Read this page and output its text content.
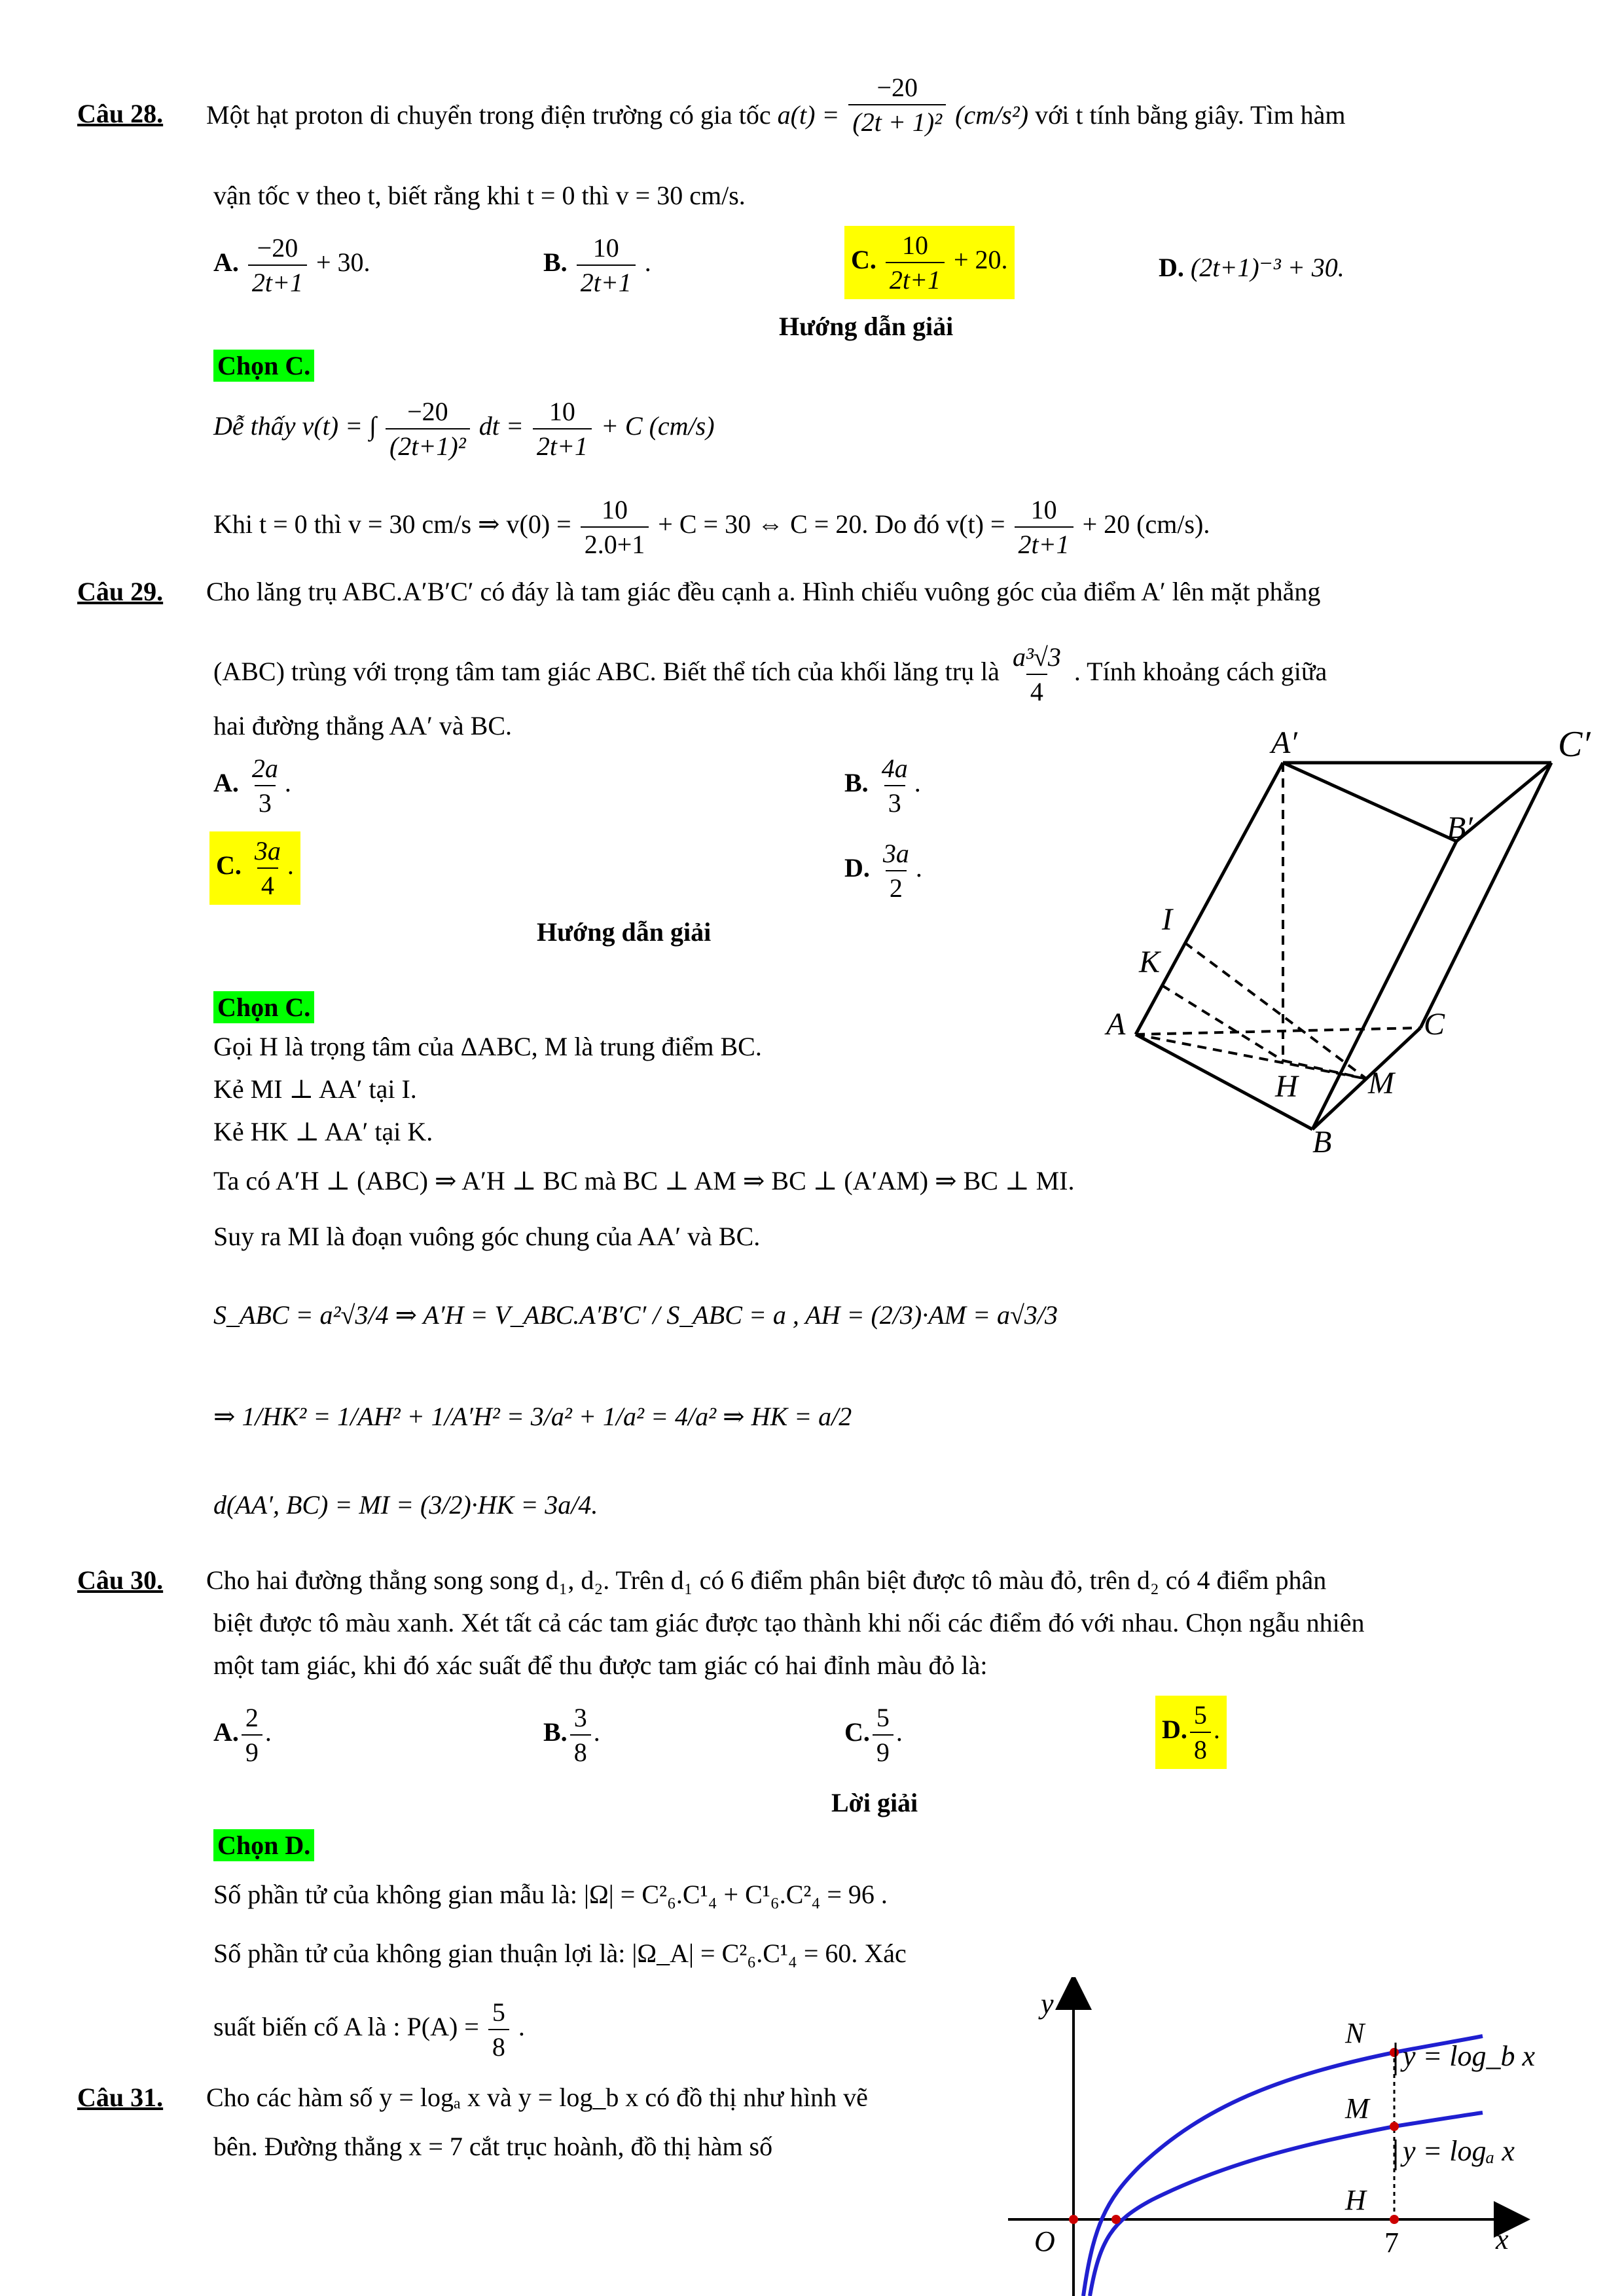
Câu 28. Một hạt proton di chuyển trong điện trường có gia tốc $a(t) = \frac{-20}{\text{(2t + 1)²}} (cm/s^2)$ với t tính bằng giây. Tìm hàm
vận tốc v theo t, biết rằng khi t = 0 thì v = 30 cm/s.
A. $\frac{-20}{2t+1} + 30$.	B. $\frac{10}{2t+1}$ .	C. $\frac{10}{2t+1} + 20$.	D. (2t+1)⁻³ + 30.
Hướng dẫn giải
Chọn C.
Dễ thấy v(t) = ∫ $\frac{-20}{\text{(2t+1)²}}$ dt = $\frac{10}{2t+1} + C$ (cm/s)
Khi t = 0 thì v = 30 cm/s ⇒ $v(0) = \frac{10}{2.0+1} + C = 30$ ⇔ C = 20. Do đó $v(t) = \frac{10}{2t+1} + 20$ (cm/s).
Câu 29. Cho lăng trụ ABC.A′B′C′ có đáy là tam giác đều cạnh a. Hình chiếu vuông góc của điểm A′ lên mặt phẳng
(ABC) trùng với trọng tâm tam giác ABC. Biết thể tích của khối lăng trụ là $\frac{\text{a³√3}}{4}$ . Tính khoảng cách giữa
hai đường thẳng AA′ và BC.
A. $\frac{2a}{3}$ .	B. $\frac{4a}{3}$ .
C. $\frac{3a}{4}$ .	D. $\frac{3a}{2}$ .
Hướng dẫn giải
Chọn C.
Gọi H là trọng tâm của ΔABC, M là trung điểm BC.
Kẻ MI ⊥ AA′ tại I.
Kẻ HK ⊥ AA′ tại K.
Ta có A′H ⊥ (ABC) ⇒ A′H ⊥ BC mà BC ⊥ AM ⇒ BC ⊥ (A′AM) ⇒ BC ⊥ MI.
Suy ra MI là đoạn vuông góc chung của AA′ và BC.
S_ABC = a²√3/4 ⇒ A′H = V_ABC.A′B′C′ / S_ABC = a , AH = (2/3)·AM = a√3/3
⇒ 1/HK² = 1/AH² + 1/A′H² = 3/a² + 1/a² = 4/a² ⇒ HK = a/2
d(AA′, BC) = MI = (3/2)·HK = 3a/4.
A′	C′
B′
I
K
A	C
H M
B
Câu 30. Cho hai đường thẳng song song d₁, d₂. Trên d₁ có 6 điểm phân biệt được tô màu đỏ, trên d₂ có 4 điểm phân
biệt được tô màu xanh. Xét tất cả các tam giác được tạo thành khi nối các điểm đó với nhau. Chọn ngẫu nhiên
một tam giác, khi đó xác suất để thu được tam giác có hai đỉnh màu đỏ là:
A. $\frac{2}{9}$ .	B. $\frac{3}{8}$ .	C. $\frac{5}{9}$ .	D. $\frac{5}{8}$ .
Lời giải
Chọn D.
Số phần tử của không gian mẫu là: |Ω| = C²₆.C¹₄ + C¹₆.C²₄ = 96 .
Số phần tử của không gian thuận lợi là: |Ω_A| = C²₆.C¹₄ = 60. Xác
suất biến cố A là : $P(A) = \frac{5}{8}$ .
Câu 31. Cho các hàm số y = logₐ x và y = log_b x có đồ thị như hình vẽ
bên. Đường thẳng x = 7 cắt trục hoành, đồ thị hàm số
y
x
O	7
N
M
H
y = log_b x
y = logₐ x
